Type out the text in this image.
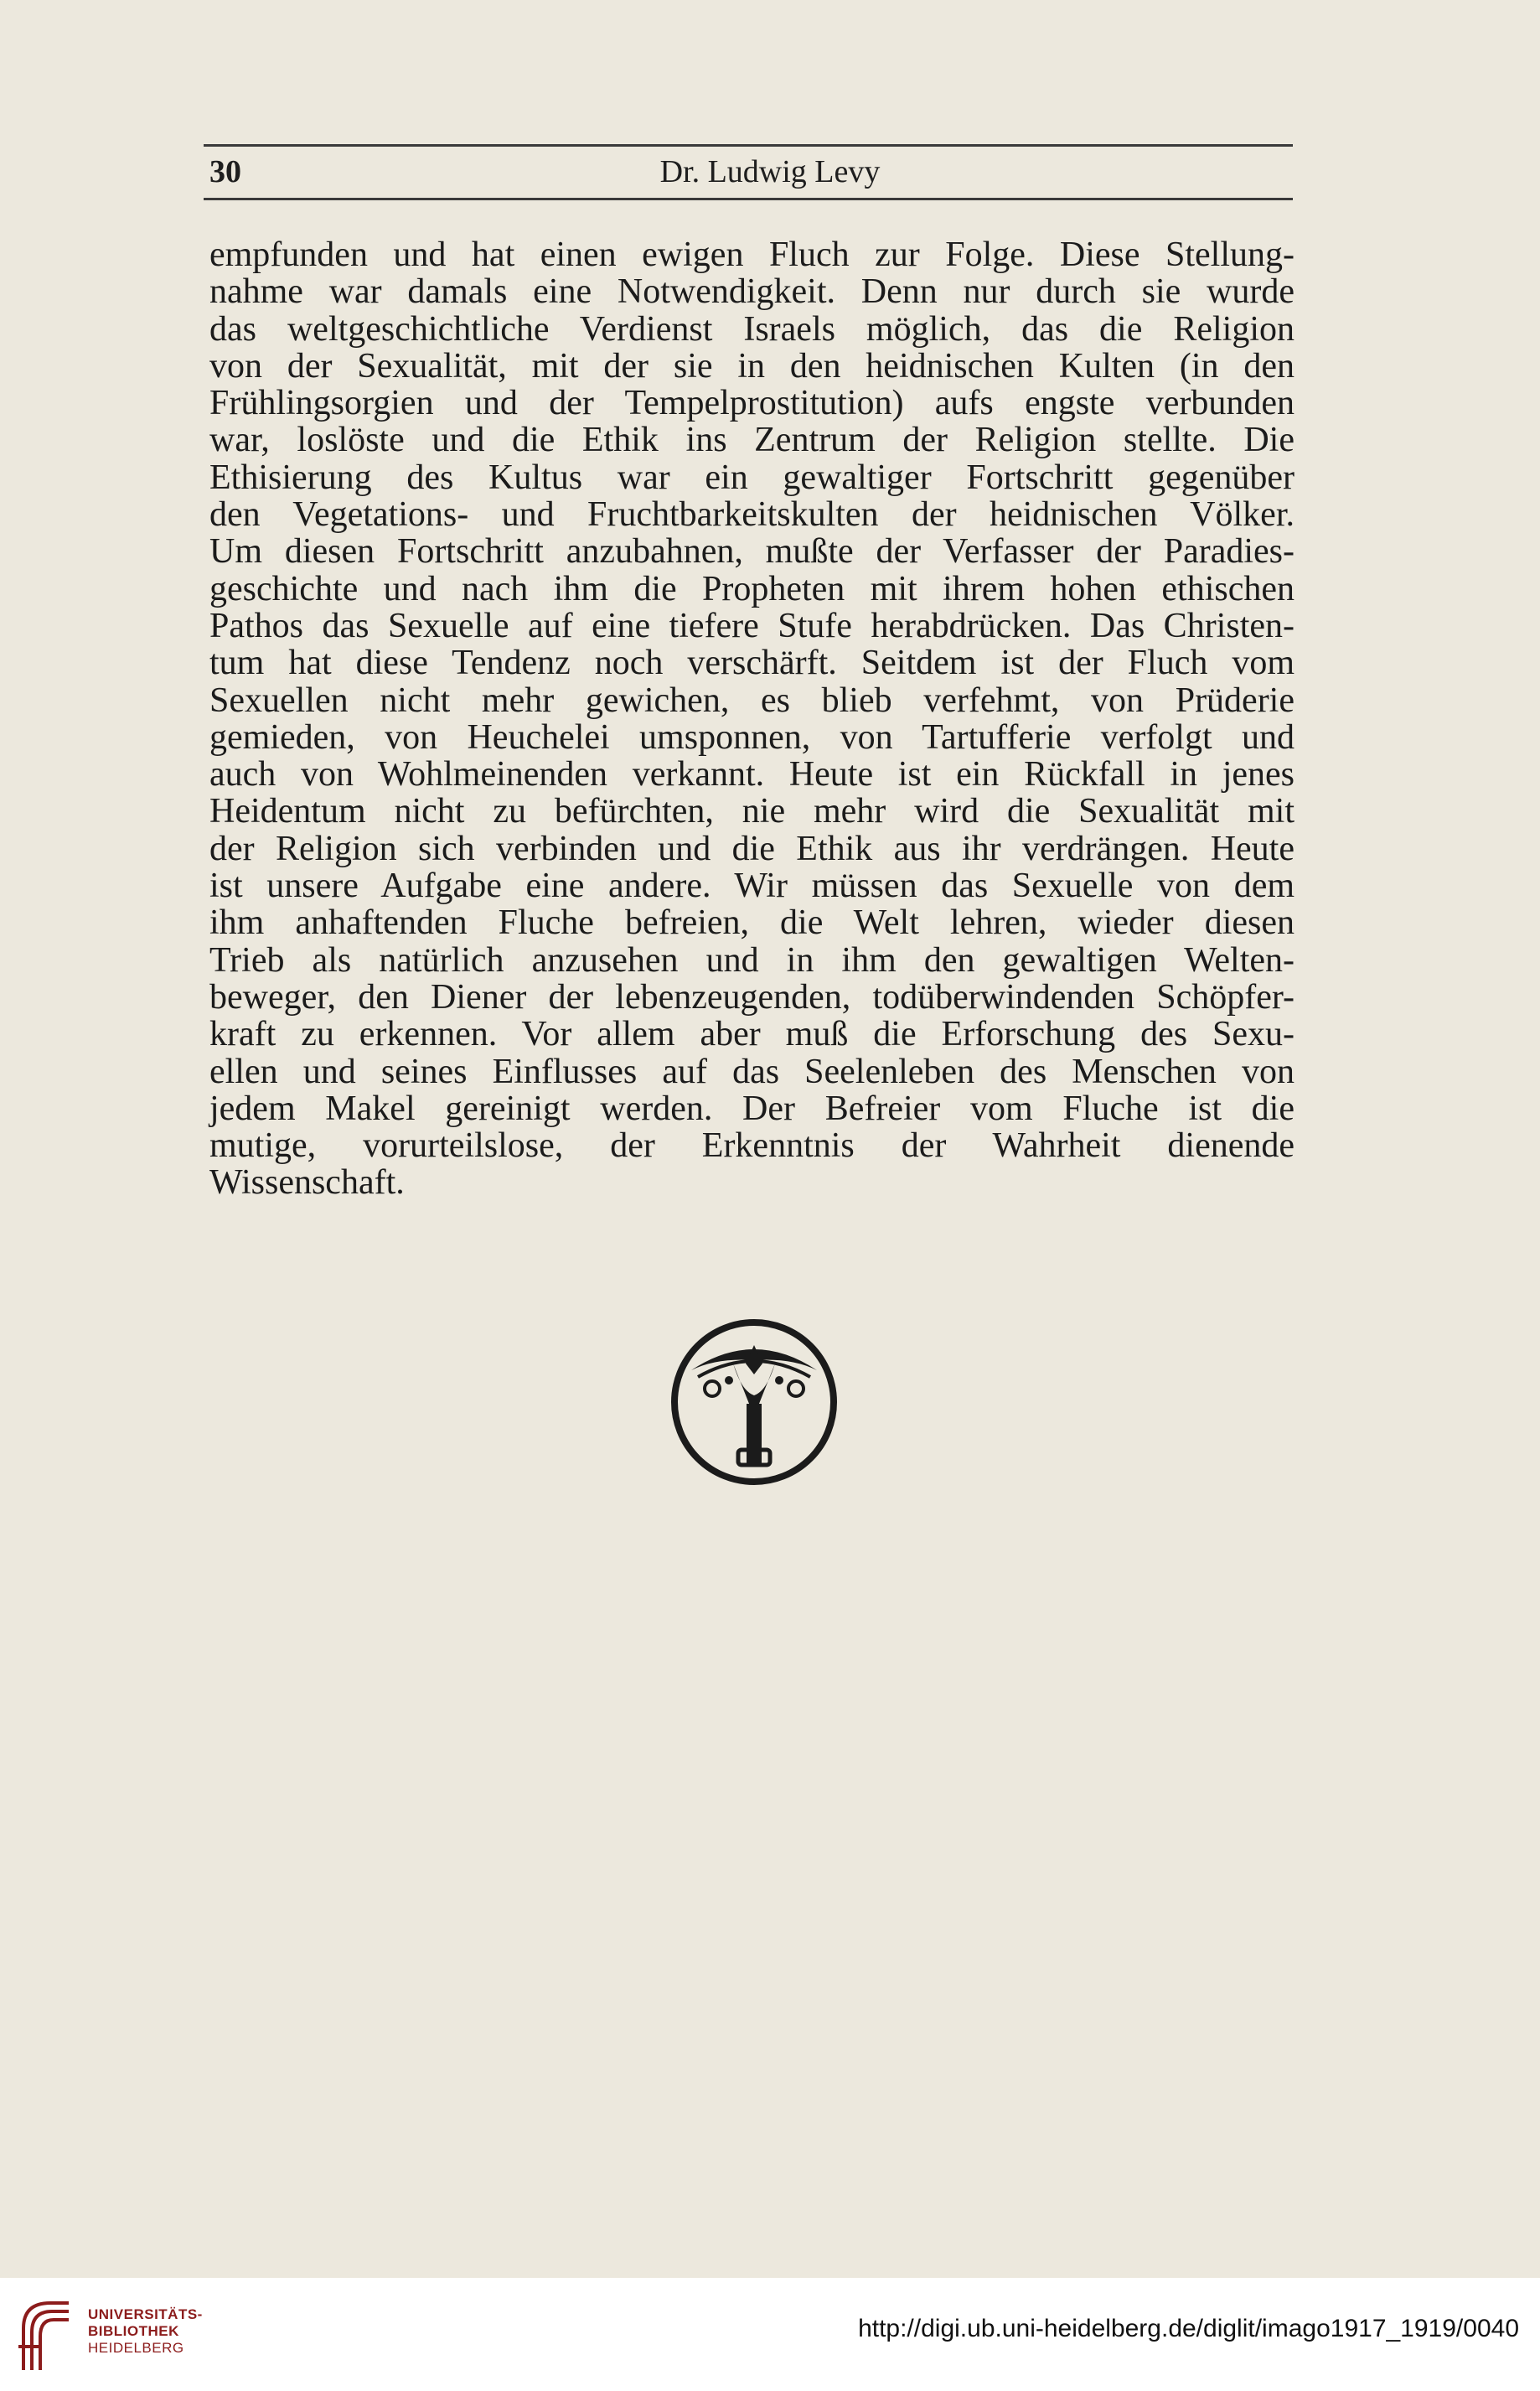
30	Dr. Ludwig Levy
empfunden und hat einen ewigen Fluch zur Folge. Diese Stellung-
nahme war damals eine Notwendigkeit. Denn nur durch sie wurde
das weltgeschichtliche Verdienst Israels möglich, das die Religion
von der Sexualität, mit der sie in den heidnischen Kulten (in den
Frühlingsorgien und der Tempelprostitution) aufs engste verbunden
war, loslöste und die Ethik ins Zentrum der Religion stellte. Die
Ethisierung des Kultus war ein gewaltiger Fortschritt gegenüber
den Vegetations- und Fruchtbarkeitskulten der heidnischen Völker.
Um diesen Fortschritt anzubahnen, mußte der Verfasser der Paradies-
geschichte und nach ihm die Propheten mit ihrem hohen ethischen
Pathos das Sexuelle auf eine tiefere Stufe herabdrücken. Das Christen-
tum hat diese Tendenz noch verschärft. Seitdem ist der Fluch vom
Sexuellen nicht mehr gewichen, es blieb verfehmt, von Prüderie
gemieden, von Heuchelei umsponnen, von Tartufferie verfolgt und
auch von Wohlmeinenden verkannt. Heute ist ein Rückfall in jenes
Heidentum nicht zu befürchten, nie mehr wird die Sexualität mit
der Religion sich verbinden und die Ethik aus ihr verdrängen. Heute
ist unsere Aufgabe eine andere. Wir müssen das Sexuelle von dem
ihm anhaftenden Fluche befreien, die Welt lehren, wieder diesen
Trieb als natürlich anzusehen und in ihm den gewaltigen Welten-
beweger, den Diener der lebenzeugenden, todüberwindenden Schöpfer-
kraft zu erkennen. Vor allem aber muß die Erforschung des Sexu-
ellen und seines Einflusses auf das Seelenleben des Menschen von
jedem Makel gereinigt werden. Der Befreier vom Fluche ist die
mutige, vorurteilslose, der Erkenntnis der Wahrheit dienende
Wissenschaft.
UNIVERSITÄTS-
BIBLIOTHEK
HEIDELBERG
http://digi.ub.uni-heidelberg.de/diglit/imago1917_1919/0040
